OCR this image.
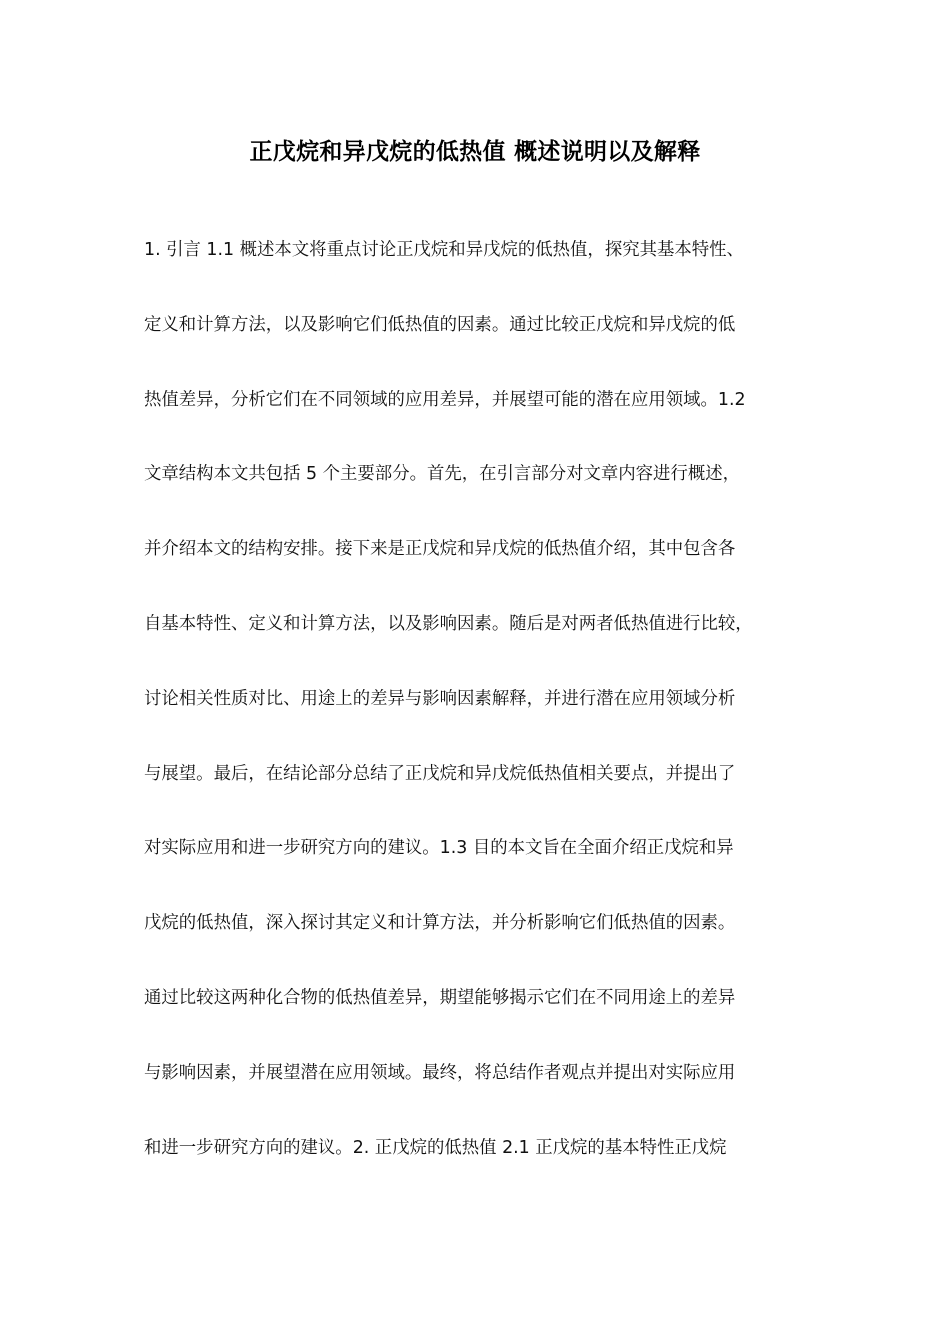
正戊烷和异戊烷的低热值 概述说明以及解释
1. 引言 1.1 概述本文将重点讨论正戊烷和异戊烷的低热值，探究其基本特性、
定义和计算方法，以及影响它们低热值的因素。通过比较正戊烷和异戊烷的低
热值差异，分析它们在不同领域的应用差异，并展望可能的潜在应用领域。1.2
文章结构本文共包括 5 个主要部分。首先，在引言部分对文章内容进行概述，
并介绍本文的结构安排。接下来是正戊烷和异戊烷的低热值介绍，其中包含各
自基本特性、定义和计算方法，以及影响因素。随后是对两者低热值进行比较，
讨论相关性质对比、用途上的差异与影响因素解释，并进行潜在应用领域分析
与展望。最后，在结论部分总结了正戊烷和异戊烷低热值相关要点，并提出了
对实际应用和进一步研究方向的建议。1.3 目的本文旨在全面介绍正戊烷和异
戊烷的低热值，深入探讨其定义和计算方法，并分析影响它们低热值的因素。
通过比较这两种化合物的低热值差异，期望能够揭示它们在不同用途上的差异
与影响因素，并展望潜在应用领域。最终，将总结作者观点并提出对实际应用
和进一步研究方向的建议。2. 正戊烷的低热值 2.1 正戊烷的基本特性正戊烷
